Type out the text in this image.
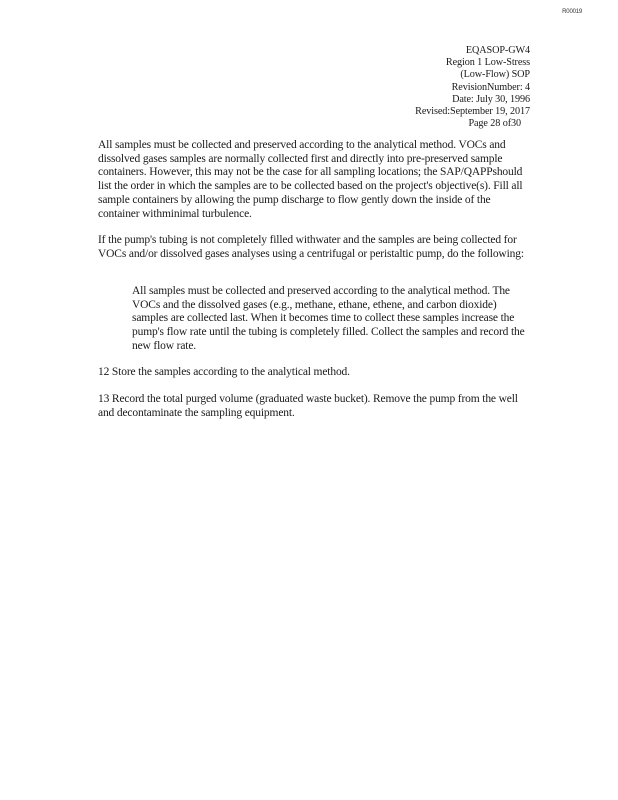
R00019
EQASOP-GW4
Region 1 Low-Stress
(Low-Flow) SOP
RevisionNumber: 4
Date: July 30, 1996
Revised:September 19, 2017
Page 28 of30

All samples must be collected and preserved according to the analytical method. VOCs and dissolved gases samples are normally collected first and directly into pre-preserved sample containers. However, this may not be the case for all sampling locations; the SAP/QAPPshould list the order in which the samples are to be collected based on the project's objective(s). Fill all sample containers by allowing the pump discharge to flow gently down the inside of the container withminimal turbulence.

If the pump's tubing is not completely filled withwater and the samples are being collected for VOCs and/or dissolved gases analyses using a centrifugal or peristaltic pump, do the following:

All samples must be collected and preserved according to the analytical method. The VOCs and the dissolved gases (e.g., methane, ethane, ethene, and carbon dioxide) samples are collected last. When it becomes time to collect these samples increase the pump's flow rate until the tubing is completely filled. Collect the samples and record the new flow rate.

12 Store the samples according to the analytical method.

13 Record the total purged volume (graduated waste bucket). Remove the pump from the well and decontaminate the sampling equipment.
